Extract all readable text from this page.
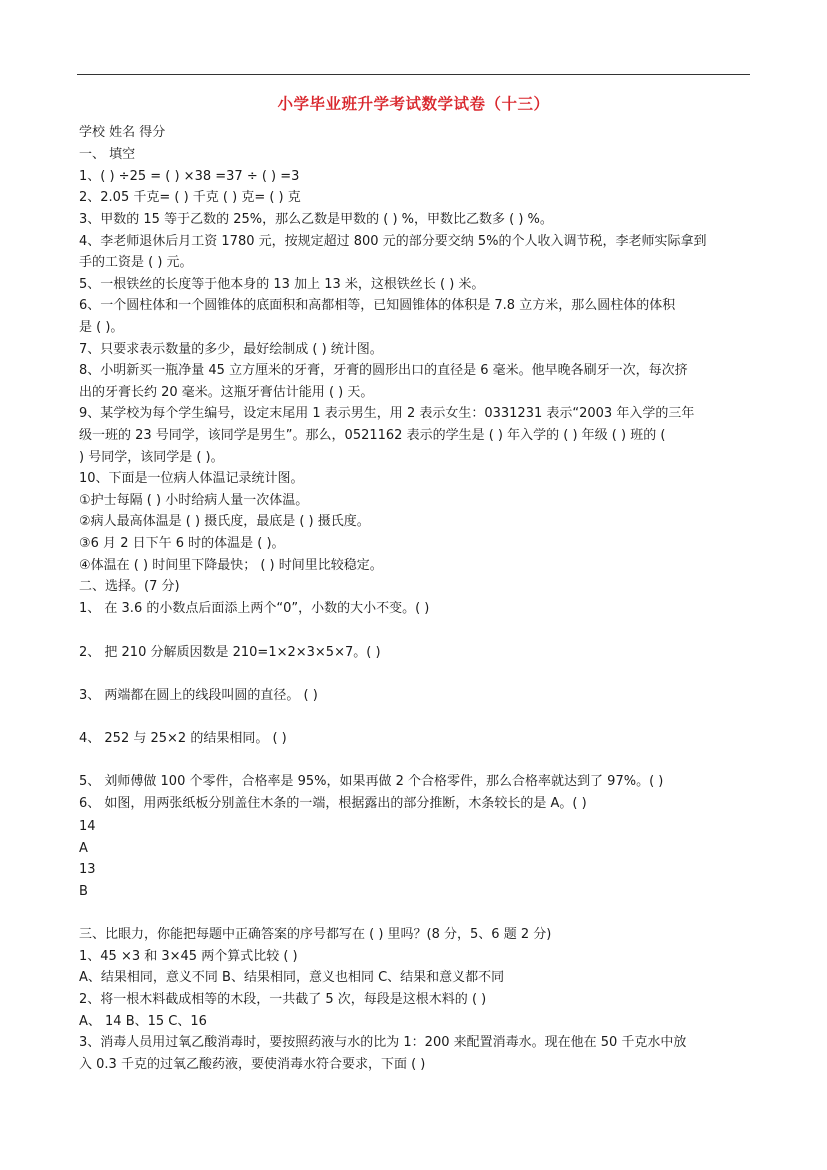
小学毕业班升学考试数学试卷（十三）
学校 姓名 得分
一、 填空
1、( ) ÷25 = ( ) ×38 =37 ÷ ( ) =3
2、2.05 千克= ( ) 千克 ( ) 克= ( ) 克
3、甲数的 15 等于乙数的 25%，那么乙数是甲数的 ( ) %，甲数比乙数多 ( ) %。
4、李老师退休后月工资 1780 元，按规定超过 800 元的部分要交纳 5%的个人收入调节税，李老师实际拿到
手的工资是 ( ) 元。
5、一根铁丝的长度等于他本身的 13 加上 13 米，这根铁丝长 ( ) 米。
6、一个圆柱体和一个圆锥体的底面积和高都相等，已知圆锥体的体积是 7.8 立方米，那么圆柱体的体积
是 ( )。
7、只要求表示数量的多少，最好绘制成 ( ) 统计图。
8、小明新买一瓶净量 45 立方厘米的牙膏，牙膏的圆形出口的直径是 6 毫米。他早晚各刷牙一次，每次挤
出的牙膏长约 20 毫米。这瓶牙膏估计能用 ( ) 天。
9、某学校为每个学生编号，设定末尾用 1 表示男生，用 2 表示女生：0331231 表示“2003 年入学的三年
级一班的 23 号同学，该同学是男生”。那么，0521162 表示的学生是 ( ) 年入学的 ( ) 年级 ( ) 班的 (
) 号同学，该同学是 ( )。
10、下面是一位病人体温记录统计图。
①护士每隔 ( ) 小时给病人量一次体温。
②病人最高体温是 ( ) 摄氏度，最底是 ( ) 摄氏度。
③6 月 2 日下午 6 时的体温是 ( )。
④体温在 ( ) 时间里下降最快； ( ) 时间里比较稳定。
二、选择。(7 分)
1、 在 3.6 的小数点后面添上两个“0”，小数的大小不变。( )
2、 把 210 分解质因数是 210=1×2×3×5×7。( )
3、 两端都在圆上的线段叫圆的直径。 ( )
4、 252 与 25×2 的结果相同。 ( )
5、 刘师傅做 100 个零件，合格率是 95%，如果再做 2 个合格零件，那么合格率就达到了 97%。( )
6、 如图，用两张纸板分别盖住木条的一端，根据露出的部分推断，木条较长的是 A。( )
14
A
13
B
三、比眼力，你能把每题中正确答案的序号都写在 ( ) 里吗？(8 分，5、6 题 2 分)
1、45 ×3 和 3×45 两个算式比较 ( )
A、结果相同，意义不同 B、结果相同，意义也相同 C、结果和意义都不同
2、将一根木料截成相等的木段，一共截了 5 次，每段是这根木料的 ( )
A、 14 B、15 C、16
3、消毒人员用过氧乙酸消毒时，要按照药液与水的比为 1：200 来配置消毒水。现在他在 50 千克水中放
入 0.3 千克的过氧乙酸药液，要使消毒水符合要求，下面 ( )
